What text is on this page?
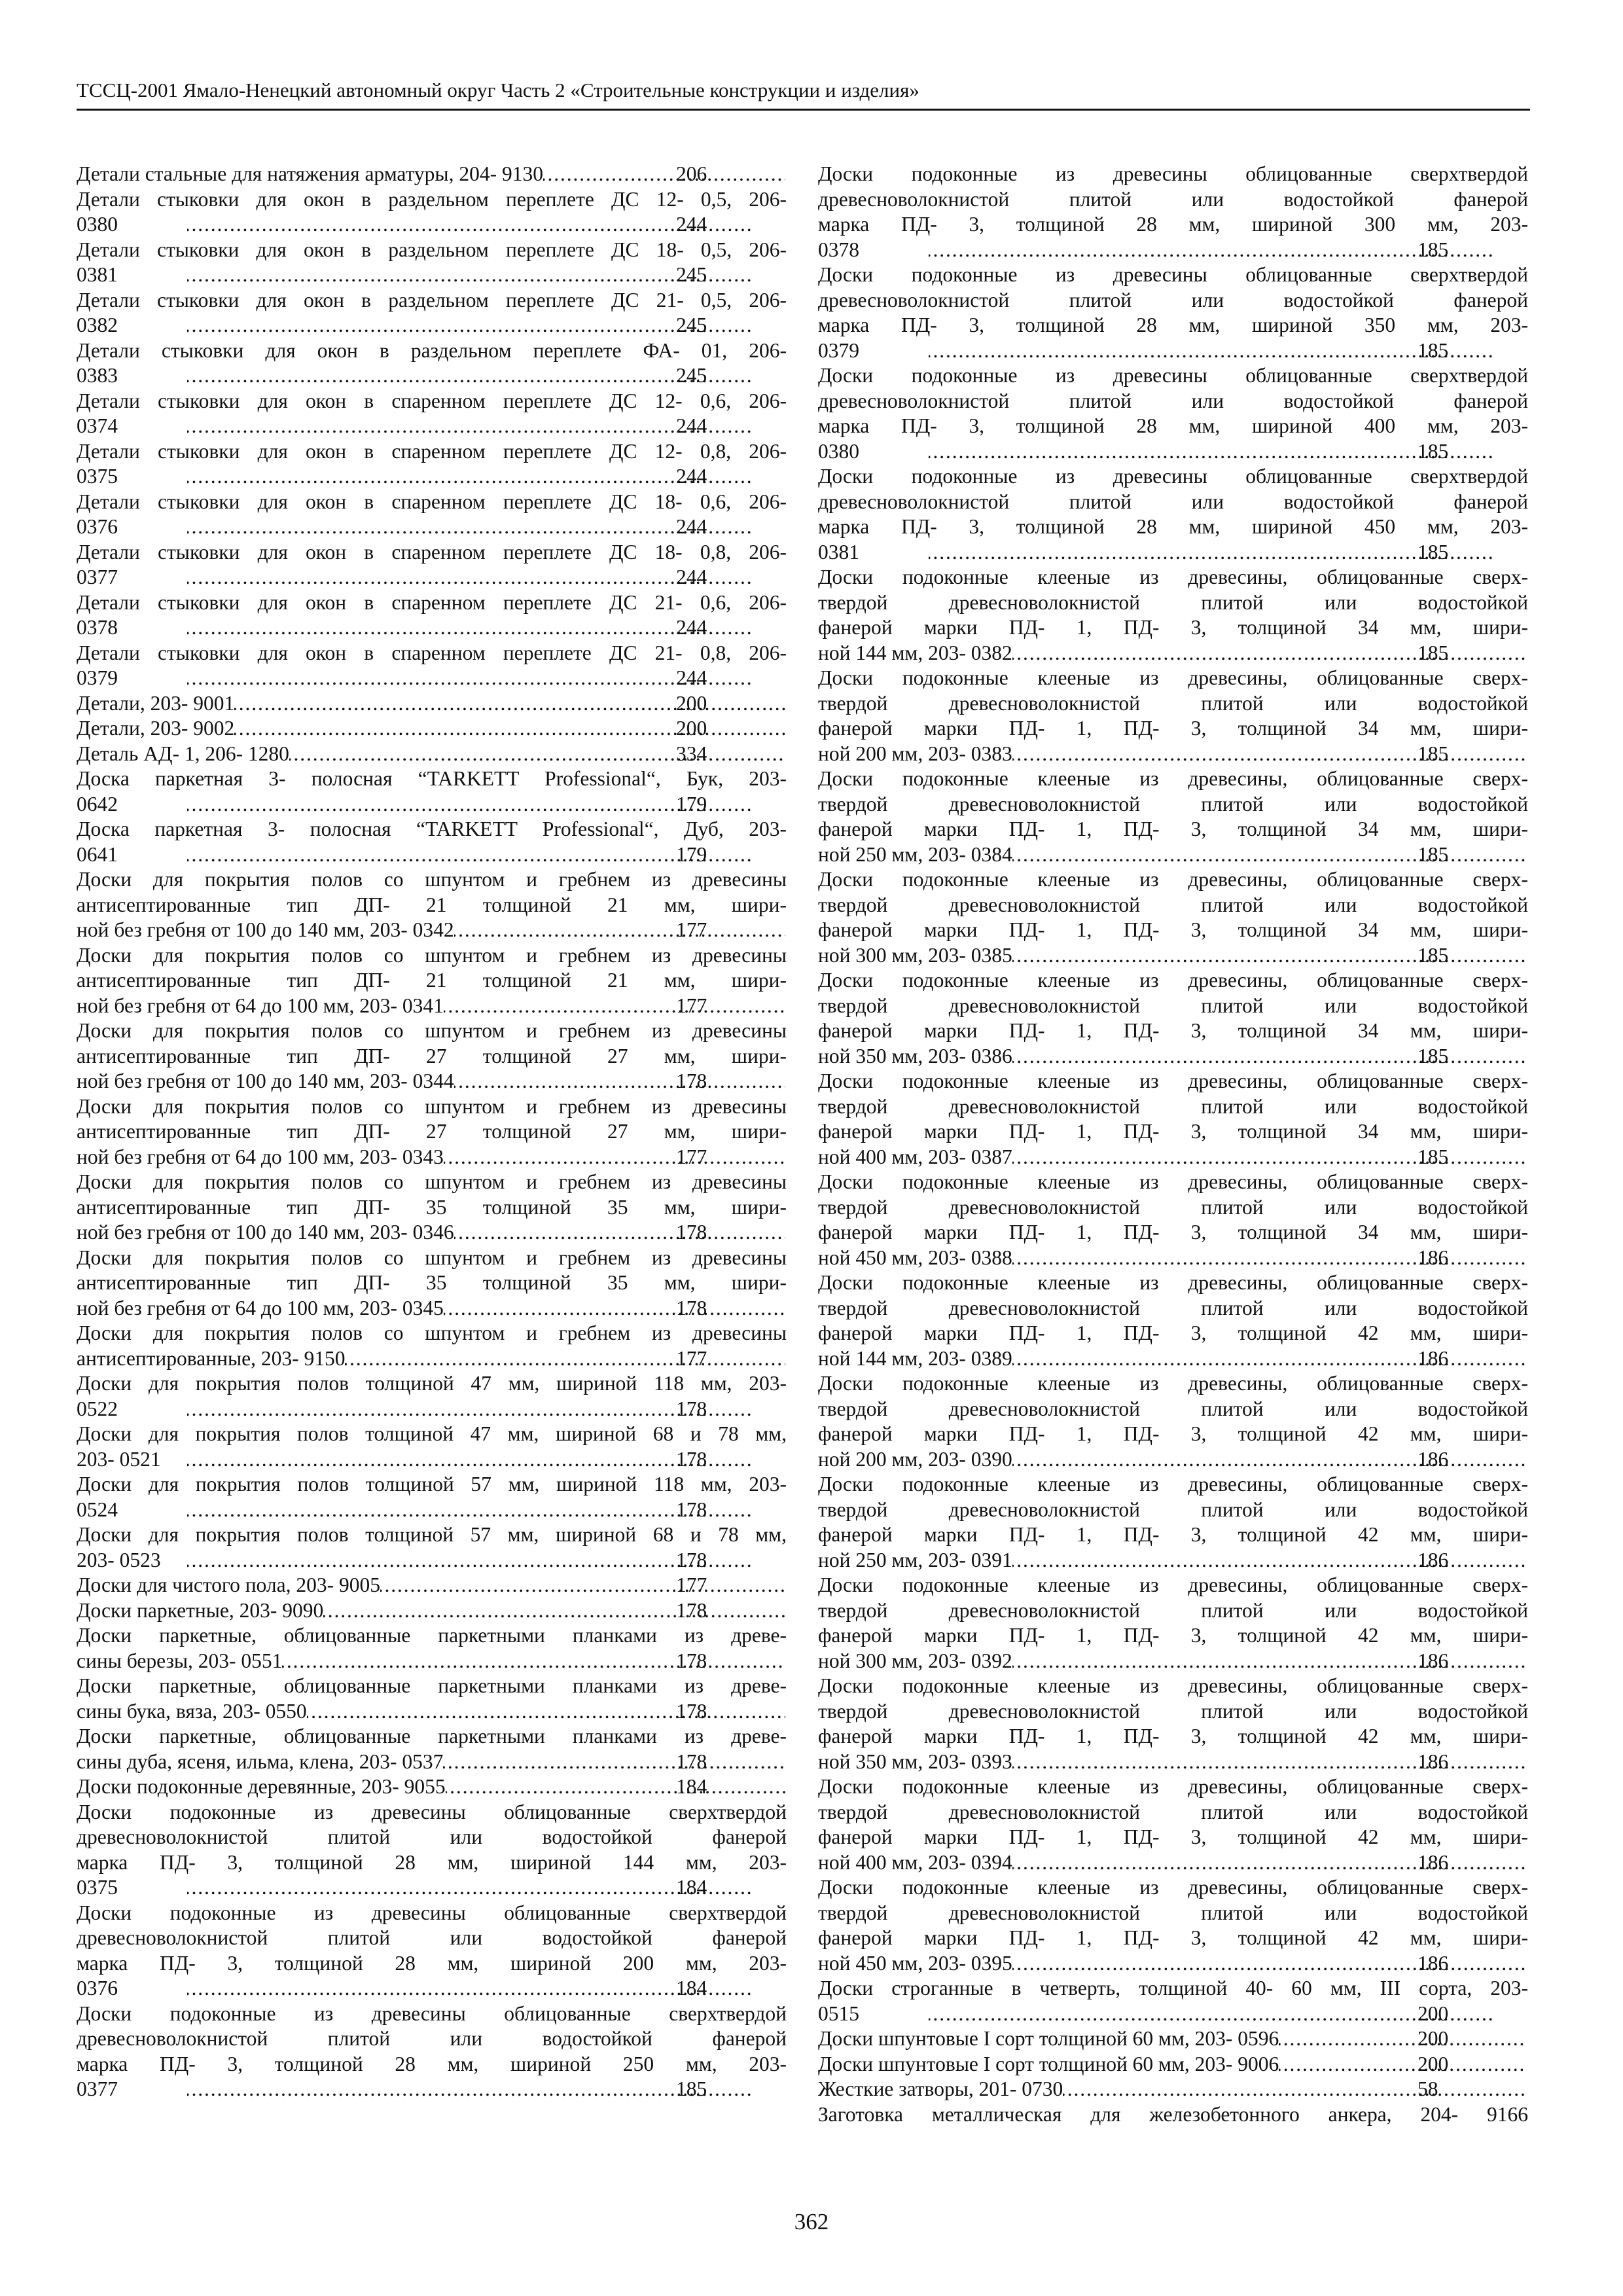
ТССЦ-2001 Ямало-Ненецкий автономный округ Часть 2 «Строительные конструкции и изделия»
Детали стальные для натяжения арматуры, 204- 9130 . . .	206
Детали стыковки для окон в раздельном переплете ДС 12- 0,5, 206-
0380 . . .	244
Детали стыковки для окон в раздельном переплете ДС 18- 0,5, 206-
0381 . . .	245
Детали стыковки для окон в раздельном переплете ДС 21- 0,5, 206-
0382 . . .	245
Детали стыковки для окон в раздельном переплете ФА- 01, 206-
0383 . . .	245
Детали стыковки для окон в спаренном переплете ДС 12- 0,6, 206-
0374 . . .	244
Детали стыковки для окон в спаренном переплете ДС 12- 0,8, 206-
0375 . . .	244
Детали стыковки для окон в спаренном переплете ДС 18- 0,6, 206-
0376 . . .	244
Детали стыковки для окон в спаренном переплете ДС 18- 0,8, 206-
0377 . . .	244
Детали стыковки для окон в спаренном переплете ДС 21- 0,6, 206-
0378 . . .	244
Детали стыковки для окон в спаренном переплете ДС 21- 0,8, 206-
0379 . . .	244
Детали, 203- 9001 . . .	200
Детали, 203- 9002 . . .	200
Деталь АД- 1, 206- 1280 . . .	334
Доска паркетная 3- полосная “TARKETT Professional“, Бук, 203-
0642 . . .	179
Доска паркетная 3- полосная “TARKETT Professional“, Дуб, 203-
0641 . . .	179
Доски для покрытия полов со шпунтом и гребнем из древесины
антисептированные тип ДП- 21 толщиной 21 мм, шири-
ной без гребня от 100 до 140 мм, 203- 0342 . . .	177
Доски для покрытия полов со шпунтом и гребнем из древесины
антисептированные тип ДП- 21 толщиной 21 мм, шири-
ной без гребня от 64 до 100 мм, 203- 0341 . . .	177
Доски для покрытия полов со шпунтом и гребнем из древесины
антисептированные тип ДП- 27 толщиной 27 мм, шири-
ной без гребня от 100 до 140 мм, 203- 0344 . . .	178
Доски для покрытия полов со шпунтом и гребнем из древесины
антисептированные тип ДП- 27 толщиной 27 мм, шири-
ной без гребня от 64 до 100 мм, 203- 0343 . . .	177
Доски для покрытия полов со шпунтом и гребнем из древесины
антисептированные тип ДП- 35 толщиной 35 мм, шири-
ной без гребня от 100 до 140 мм, 203- 0346 . . .	178
Доски для покрытия полов со шпунтом и гребнем из древесины
антисептированные тип ДП- 35 толщиной 35 мм, шири-
ной без гребня от 64 до 100 мм, 203- 0345 . . .	178
Доски для покрытия полов со шпунтом и гребнем из древесины
антисептированные, 203- 9150 . . .	177
Доски для покрытия полов толщиной 47 мм, шириной 118 мм, 203-
0522 . . .	178
Доски для покрытия полов толщиной 47 мм, шириной 68 и 78 мм,
203- 0521 . . .	178
Доски для покрытия полов толщиной 57 мм, шириной 118 мм, 203-
0524 . . .	178
Доски для покрытия полов толщиной 57 мм, шириной 68 и 78 мм,
203- 0523 . . .	178
Доски для чистого пола, 203- 9005 . . .	177
Доски паркетные, 203- 9090 . . .	178
Доски паркетные, облицованные паркетными планками из древе-
сины березы, 203- 0551 . . .	178
Доски паркетные, облицованные паркетными планками из древе-
сины бука, вяза, 203- 0550 . . .	178
Доски паркетные, облицованные паркетными планками из древе-
сины дуба, ясеня, ильма, клена, 203- 0537 . . .	178
Доски подоконные деревянные, 203- 9055 . . .	184
Доски подоконные из древесины облицованные сверхтвердой
древесноволокнистой плитой или водостойкой фанерой
марка ПД- 3, толщиной 28 мм, шириной 144 мм, 203-
0375 . . .	184
Доски подоконные из древесины облицованные сверхтвердой
древесноволокнистой плитой или водостойкой фанерой
марка ПД- 3, толщиной 28 мм, шириной 200 мм, 203-
0376 . . .	184
Доски подоконные из древесины облицованные сверхтвердой
древесноволокнистой плитой или водостойкой фанерой
марка ПД- 3, толщиной 28 мм, шириной 250 мм, 203-
0377 . . .	185
Доски подоконные из древесины облицованные сверхтвердой
древесноволокнистой плитой или водостойкой фанерой
марка ПД- 3, толщиной 28 мм, шириной 300 мм, 203-
0378 . . .	185
Доски подоконные из древесины облицованные сверхтвердой
древесноволокнистой плитой или водостойкой фанерой
марка ПД- 3, толщиной 28 мм, шириной 350 мм, 203-
0379 . . .	185
Доски подоконные из древесины облицованные сверхтвердой
древесноволокнистой плитой или водостойкой фанерой
марка ПД- 3, толщиной 28 мм, шириной 400 мм, 203-
0380 . . .	185
Доски подоконные из древесины облицованные сверхтвердой
древесноволокнистой плитой или водостойкой фанерой
марка ПД- 3, толщиной 28 мм, шириной 450 мм, 203-
0381 . . .	185
Доски подоконные клееные из древесины, облицованные сверх-
твердой древесноволокнистой плитой или водостойкой
фанерой марки ПД- 1, ПД- 3, толщиной 34 мм, шири-
ной 144 мм, 203- 0382 . . .	185
Доски подоконные клееные из древесины, облицованные сверх-
твердой древесноволокнистой плитой или водостойкой
фанерой марки ПД- 1, ПД- 3, толщиной 34 мм, шири-
ной 200 мм, 203- 0383 . . .	185
Доски подоконные клееные из древесины, облицованные сверх-
твердой древесноволокнистой плитой или водостойкой
фанерой марки ПД- 1, ПД- 3, толщиной 34 мм, шири-
ной 250 мм, 203- 0384 . . .	185
Доски подоконные клееные из древесины, облицованные сверх-
твердой древесноволокнистой плитой или водостойкой
фанерой марки ПД- 1, ПД- 3, толщиной 34 мм, шири-
ной 300 мм, 203- 0385 . . .	185
Доски подоконные клееные из древесины, облицованные сверх-
твердой древесноволокнистой плитой или водостойкой
фанерой марки ПД- 1, ПД- 3, толщиной 34 мм, шири-
ной 350 мм, 203- 0386 . . .	185
Доски подоконные клееные из древесины, облицованные сверх-
твердой древесноволокнистой плитой или водостойкой
фанерой марки ПД- 1, ПД- 3, толщиной 34 мм, шири-
ной 400 мм, 203- 0387 . . .	185
Доски подоконные клееные из древесины, облицованные сверх-
твердой древесноволокнистой плитой или водостойкой
фанерой марки ПД- 1, ПД- 3, толщиной 34 мм, шири-
ной 450 мм, 203- 0388 . . .	186
Доски подоконные клееные из древесины, облицованные сверх-
твердой древесноволокнистой плитой или водостойкой
фанерой марки ПД- 1, ПД- 3, толщиной 42 мм, шири-
ной 144 мм, 203- 0389 . . .	186
Доски подоконные клееные из древесины, облицованные сверх-
твердой древесноволокнистой плитой или водостойкой
фанерой марки ПД- 1, ПД- 3, толщиной 42 мм, шири-
ной 200 мм, 203- 0390 . . .	186
Доски подоконные клееные из древесины, облицованные сверх-
твердой древесноволокнистой плитой или водостойкой
фанерой марки ПД- 1, ПД- 3, толщиной 42 мм, шири-
ной 250 мм, 203- 0391 . . .	186
Доски подоконные клееные из древесины, облицованные сверх-
твердой древесноволокнистой плитой или водостойкой
фанерой марки ПД- 1, ПД- 3, толщиной 42 мм, шири-
ной 300 мм, 203- 0392 . . .	186
Доски подоконные клееные из древесины, облицованные сверх-
твердой древесноволокнистой плитой или водостойкой
фанерой марки ПД- 1, ПД- 3, толщиной 42 мм, шири-
ной 350 мм, 203- 0393 . . .	186
Доски подоконные клееные из древесины, облицованные сверх-
твердой древесноволокнистой плитой или водостойкой
фанерой марки ПД- 1, ПД- 3, толщиной 42 мм, шири-
ной 400 мм, 203- 0394 . . .	186
Доски подоконные клееные из древесины, облицованные сверх-
твердой древесноволокнистой плитой или водостойкой
фанерой марки ПД- 1, ПД- 3, толщиной 42 мм, шири-
ной 450 мм, 203- 0395 . . .	186
Доски строганные в четверть, толщиной 40- 60 мм, III сорта, 203-
0515 . . .	200
Доски шпунтовые I сорт толщиной 60 мм, 203- 0596 . . .	200
Доски шпунтовые I сорт толщиной 60 мм, 203- 9006 . . .	200
Жесткие затворы, 201- 0730 . . .	58
Заготовка металлическая для железобетонного анкера, 204- 9166
362
